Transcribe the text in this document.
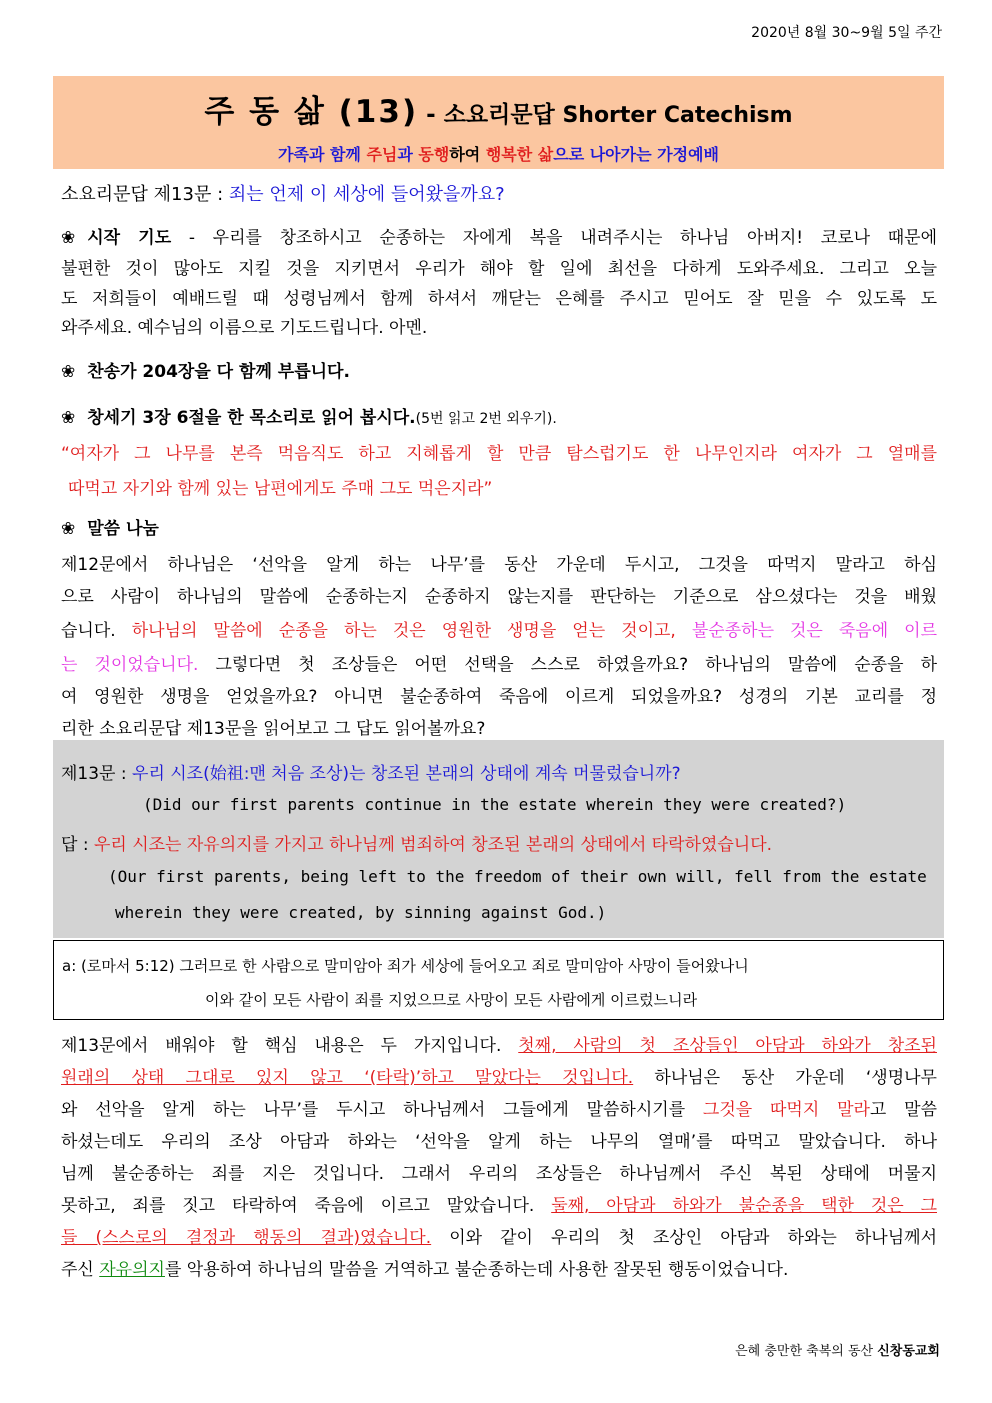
2020년 8월 30~9월 5일 주간
주 동 삶 (13) - 소요리문답 Shorter Catechism
가족과 함께 주님과 동행하여 행복한 삶으로 나아가는 가정예배
소요리문답 제13문 : 죄는 언제 이 세상에 들어왔을까요?
❀ 시작 기도 - 우리를 창조하시고 순종하는 자에게 복을 내려주시는 하나님 아버지! 코로나 때문에
불편한 것이 많아도 지킬 것을 지키면서 우리가 해야 할 일에 최선을 다하게 도와주세요. 그리고 오늘
도 저희들이 예배드릴 때 성령님께서 함께 하셔서 깨닫는 은혜를 주시고 믿어도 잘 믿을 수 있도록 도
와주세요. 예수님의 이름으로 기도드립니다. 아멘.
❀ 찬송가 204장을 다 함께 부릅니다.
❀ 창세기 3장 6절을 한 목소리로 읽어 봅시다.(5번 읽고 2번 외우기).
“여자가 그 나무를 본즉 먹음직도 하고 지혜롭게 할 만큼 탐스럽기도 한 나무인지라 여자가 그 열매를
따먹고 자기와 함께 있는 남편에게도 주매 그도 먹은지라”
❀ 말씀 나눔
제12문에서 하나님은 ‘선악을 알게 하는 나무’를 동산 가운데 두시고, 그것을 따먹지 말라고 하심
으로 사람이 하나님의 말씀에 순종하는지 순종하지 않는지를 판단하는 기준으로 삼으셨다는 것을 배웠
습니다. 하나님의 말씀에 순종을 하는 것은 영원한 생명을 얻는 것이고, 불순종하는 것은 죽음에 이르
는 것이었습니다. 그렇다면 첫 조상들은 어떤 선택을 스스로 하였을까요? 하나님의 말씀에 순종을 하
여 영원한 생명을 얻었을까요? 아니면 불순종하여 죽음에 이르게 되었을까요? 성경의 기본 교리를 정
리한 소요리문답 제13문을 읽어보고 그 답도 읽어볼까요?
제13문 : 우리 시조(始祖:맨 처음 조상)는 창조된 본래의 상태에 계속 머물렀습니까?
(Did our first parents continue in the estate wherein they were created?)
답 : 우리 시조는 자유의지를 가지고 하나님께 범죄하여 창조된 본래의 상태에서 타락하였습니다.
(Our first parents, being left to the freedom of their own will, fell from the estate
wherein they were created, by sinning against God.)
a: (로마서 5:12) 그러므로 한 사람으로 말미암아 죄가 세상에 들어오고 죄로 말미암아 사망이 들어왔나니
이와 같이 모든 사람이 죄를 지었으므로 사망이 모든 사람에게 이르렀느니라
제13문에서 배워야 할 핵심 내용은 두 가지입니다. 첫째, 사람의 첫 조상들인 아담과 하와가 창조된
원래의 상태 그대로 있지 않고 ‘(타락)’하고 말았다는 것입니다. 하나님은 동산 가운데 ‘생명나무
와 선악을 알게 하는 나무’를 두시고 하나님께서 그들에게 말씀하시기를 그것을 따먹지 말라고 말씀
하셨는데도 우리의 조상 아담과 하와는 ‘선악을 알게 하는 나무의 열매’를 따먹고 말았습니다. 하나
님께 불순종하는 죄를 지은 것입니다. 그래서 우리의 조상들은 하나님께서 주신 복된 상태에 머물지
못하고, 죄를 짓고 타락하여 죽음에 이르고 말았습니다. 둘째, 아담과 하와가 불순종을 택한 것은 그
들 (스스로의 결정과 행동의 결과)였습니다. 이와 같이 우리의 첫 조상인 아담과 하와는 하나님께서
주신 자유의지를 악용하여 하나님의 말씀을 거역하고 불순종하는데 사용한 잘못된 행동이었습니다.
은혜 충만한 축복의 동산 신창동교회
